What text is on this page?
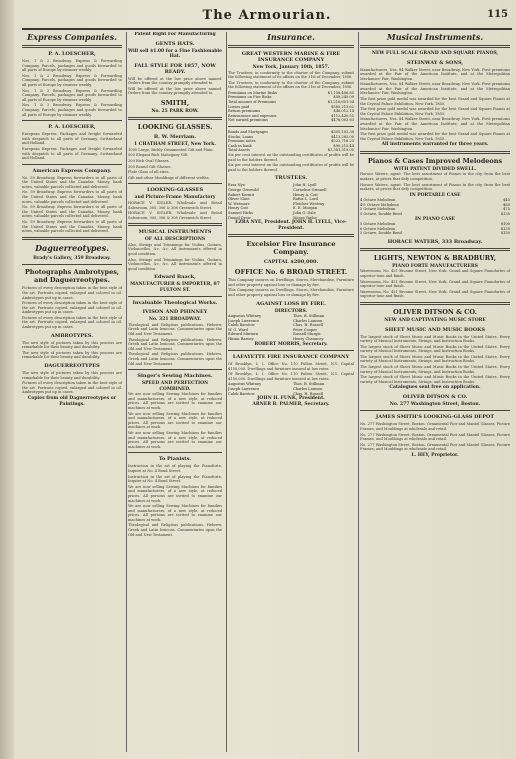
The Armourian.	115
Express Companies.
P. A. LOESCHER,
Nos. 1 & 2 Broadway. Express & Forwarding Company. Parcels, packages and goods forwarded to all parts of Europe by steamer weekly.
Nos. 1 & 2 Broadway. Express & Forwarding Company. Parcels, packages and goods forwarded to all parts of Europe by steamer weekly.
Nos. 1 & 2 Broadway. Express & Forwarding Company. Parcels, packages and goods forwarded to all parts of Europe by steamer weekly.
Nos. 1 & 2 Broadway. Express & Forwarding Company. Parcels, packages and goods forwarded to all parts of Europe by steamer weekly.
P. A. LOESCHER,
European Express. Packages and freight forwarded with despatch to all parts of Germany, Switzerland and Holland.
European Express. Packages and freight forwarded with despatch to all parts of Germany, Switzerland and Holland.
American Express Company.
No. 59 Broadway. Express forwarders to all parts of the United States and the Canadas. Money, bank notes, valuable parcels collected and delivered.
No. 59 Broadway. Express forwarders to all parts of the United States and the Canadas. Money, bank notes, valuable parcels collected and delivered.
No. 59 Broadway. Express forwarders to all parts of the United States and the Canadas. Money, bank notes, valuable parcels collected and delivered.
No. 59 Broadway. Express forwarders to all parts of the United States and the Canadas. Money, bank notes, valuable parcels collected and delivered.
Daguerreotypes.
Brady's Gallery, 359 Broadway.
Photographs Ambrotypes, and Daguerreotypes.
Pictures of every description taken in the best style of the art. Portraits copied, enlarged and colored in oil. Ambrotypes put up in cases.
Pictures of every description taken in the best style of the art. Portraits copied, enlarged and colored in oil. Ambrotypes put up in cases.
Pictures of every description taken in the best style of the art. Portraits copied, enlarged and colored in oil. Ambrotypes put up in cases.
AMBROTYPES.
The new style of pictures taken by this process are remarkable for their beauty and durability.
The new style of pictures taken by this process are remarkable for their beauty and durability.
DAGUERREOTYPES
The new style of pictures taken by this process are remarkable for their beauty and durability.
Pictures of every description taken in the best style of the art. Portraits copied, enlarged and colored in oil. Ambrotypes put up in cases.
Copies from old Daguerreotypes or Paintings.
Patent Right For Manufacturing
GENTS HATS.
Will sell $1.00 for a Fine Fashionable Hat.
FALL STYLE FOR 1857, NOW READY.
Will be offered at the low price above named. Orders from the country promptly attended to.
Will be offered at the low price above named. Orders from the country promptly attended to.
SMITH,
No. 25 PARK ROW.
LOOKING GLASSES.
B. W. Merriam.
1 CHATHAM STREET, New York.
1000 Large, Richly Ornamented Gilt and Plain.
500 Elegant Rich Mahogany Gilt.
200 Rich Oval Glasses.
200 Round Gilt Glasses.
Plate Glass of all sizes.
Gilt and other Mouldings of different widths.
LOOKING-GLASSES
and Picture-Frame Manufactory
HORACE V. SIGLER. Wholesale and Retail Salesroom, 305, 306 & 308 Greenwich Street.
HORACE V. SIGLER. Wholesale and Retail Salesroom, 305, 306 & 308 Greenwich Street.
MUSICAL INSTRUMENTS
OF ALL DESCRIPTIONS
Also, Strings and Trimmings for Violins, Guitars, Violoncellos, &c. &c. All instruments offered in good condition.
Also, Strings and Trimmings for Violins, Guitars, Violoncellos, &c. &c. All instruments offered in good condition.
Edward Baack,
MANUFACTURER & IMPORTER, 87 FULTON ST.
Invaluable Theological Works.
IVISON AND PHINNEY
No. 321 BROADWAY.
Theological and Religious publications. Hebrew, Greek and Latin lexicons. Commentaries upon the Old and New Testament.
Theological and Religious publications. Hebrew, Greek and Latin lexicons. Commentaries upon the Old and New Testament.
Theological and Religious publications. Hebrew, Greek and Latin lexicons. Commentaries upon the Old and New Testament.
Singer's Sewing Machines.
SPEED AND PERFECTION COMBINED.
We are now selling Sewing Machines for families and manufacturers, of a new style, at reduced prices. All persons are invited to examine our machines at work.
We are now selling Sewing Machines for families and manufacturers, of a new style, at reduced prices. All persons are invited to examine our machines at work.
We are now selling Sewing Machines for families and manufacturers, of a new style, at reduced prices. All persons are invited to examine our machines at work.
To Pianists.
Instruction in the art of playing the Pianoforte. Inquire at No. 4 Bond Street.
Instruction in the art of playing the Pianoforte. Inquire at No. 4 Bond Street.
We are now selling Sewing Machines for families and manufacturers, of a new style, at reduced prices. All persons are invited to examine our machines at work.
We are now selling Sewing Machines for families and manufacturers, of a new style, at reduced prices. All persons are invited to examine our machines at work.
Theological and Religious publications. Hebrew, Greek and Latin lexicons. Commentaries upon the Old and New Testament.
Insurance.
GREAT WESTERN MARINE & FIRE INSURANCE COMPANY
New York, January 10th, 1857.
The Trustees, in conformity to the charter of the Company, submit the following statement of its affairs on the 31st of December, 1856.
The Trustees, in conformity to the charter of the Company, submit the following statement of its affairs on the 31st of December, 1856.
Premiums on Marine Risks	$1,158,406.85
Premiums on Fire Risks	$58,245.09
Total amount of Premiums	$1,216,651.94
Losses paid	$580,215.62
Return premiums	$48,012.14
Reinsurance and expenses	$112,420.55
Net earned premiums	$476,003.63
Bonds and Mortgages	$355,102.38
Stocks, Loans	$413,285.00
Premium notes	$522,716.23
Cash in bank	$90,215.44
Total Assets	$1,381,319.05
Six per cent interest on the outstanding certificates of profits will be paid to the holders thereof.
Six per cent interest on the outstanding certificates of profits will be paid to the holders thereof.
TRUSTEES.
Ezra Nye	John H. Lyell
George Griswold	Cornelius Grinnell
Robert Kermit	Henry A. Coit
Oliver Slate	Rufus L. Lord
W. Wetmore	Fletcher Westray
Henry Coit	E. E. Morgan
Samuel Hicks	John G. Dale
Daniel Drew	Moses Taylor
EZRA NYE, President. JOHN H. LYELL, Vice-President.
Excelsior Fire Insurance Company.
CAPITAL $200,000.
OFFICE No. 6 BROAD STREET.
This Company insures on Dwellings, Stores, Merchandise, Furniture and other property against loss or damage by fire.
This Company insures on Dwellings, Stores, Merchandise, Furniture and other property against loss or damage by fire.
AGAINST LOSS BY FIRE.
DIRECTORS.
Augustus Whitney	Thos. B. Stillman
Joseph Lawrence	Charles Lamson
Caleb Barstow	Chas. H. Russell
W. G. Ward	Peter Cooper
Edward Minturn	Russell Sturgis
Hiram Barney	Henry Chauncey
ROBERT MORRIS, Secretary.
LAFAYETTE FIRE INSURANCE COMPANY
Of Brooklyn, L. I. Office No. 110 Fulton Street, N.Y. Capital $150,000. Dwellings and furniture insured at low rates.
Of Brooklyn, L. I. Office No. 110 Fulton Street, N.Y. Capital $150,000. Dwellings and furniture insured at low rates.
Augustus Whitney	Thos. B. Stillman
Joseph Lawrence	Charles Lamson
Caleb Barstow	Chas. H. Russell
JOHN H. FUNK, President.
ARNER B. PALMER, Secretary.
Musical Instruments.
NEW FULL SCALE GRAND AND SQUARE PIANOS,
STEINWAY & SONS,
Manufacturers, Nos. 84 Walker Street, near Broadway, New York. First premiums awarded at the Fair of the American Institute, and at the Metropolitan Mechanics' Fair, Washington.
Manufacturers, Nos. 84 Walker Street, near Broadway, New York. First premiums awarded at the Fair of the American Institute, and at the Metropolitan Mechanics' Fair, Washington.
The first prize gold medal was awarded for the best Grand and Square Pianos at the Crystal Palace Exhibition, New York, 1855.
The first prize gold medal was awarded for the best Grand and Square Pianos at the Crystal Palace Exhibition, New York, 1855.
Manufacturers, Nos. 84 Walker Street, near Broadway, New York. First premiums awarded at the Fair of the American Institute, and at the Metropolitan Mechanics' Fair, Washington.
The first prize gold medal was awarded for the best Grand and Square Pianos at the Crystal Palace Exhibition, New York, 1855.
All instruments warranted for three years.
Pianos & Cases Improved Melodeons
WITH PATENT DIVIDED SWELL.
Horace Waters, agent. The best assortment of Pianos in the city, from the best makers, at prices that defy competition.
Horace Waters, agent. The best assortment of Pianos in the city, from the best makers, at prices that defy competition.
IN PORTABLE CASE
4 Octave Melodeon	$45
4½ Octave Melodeon	$60
5 Octave Melodeon	$75
5 Octave, Double Reed	$130
IN PIANO CASE
5 Octave Melodeon	$100
6 Octave Melodeon	$135
5 Octave, Double Reed	$150
HORACE WATERS, 333 Broadway.
LIGHTS, NEWTON & BRADBURY,
PIANO FORTE MANUFACTURERS
Warerooms, No. 421 Broome Street, New York. Grand and Square Pianofortes of superior tone and finish.
Warerooms, No. 421 Broome Street, New York. Grand and Square Pianofortes of superior tone and finish.
Warerooms, No. 421 Broome Street, New York. Grand and Square Pianofortes of superior tone and finish.
OLIVER DITSON & CO.
NEW AND CAPTIVATING MUSIC STORE
SHEET MUSIC AND MUSIC BOOKS
The largest stock of Sheet Music and Music Books in the United States. Every variety of Musical Instruments, Strings, and Instruction Books.
The largest stock of Sheet Music and Music Books in the United States. Every variety of Musical Instruments, Strings, and Instruction Books.
The largest stock of Sheet Music and Music Books in the United States. Every variety of Musical Instruments, Strings, and Instruction Books.
The largest stock of Sheet Music and Music Books in the United States. Every variety of Musical Instruments, Strings, and Instruction Books.
The largest stock of Sheet Music and Music Books in the United States. Every variety of Musical Instruments, Strings, and Instruction Books.
Catalogues sent free on application.
OLIVER DITSON & CO.
No. 277 Washington Street, Boston.
JAMES SMITH'S LOOKING-GLASS DEPOT
No. 277 Washington Street, Boston. Ornamental Pier and Mantel Glasses, Picture Frames, and Mouldings at wholesale and retail.
No. 277 Washington Street, Boston. Ornamental Pier and Mantel Glasses, Picture Frames, and Mouldings at wholesale and retail.
No. 277 Washington Street, Boston. Ornamental Pier and Mantel Glasses, Picture Frames, and Mouldings at wholesale and retail.
L. HEY, Proprietor.
